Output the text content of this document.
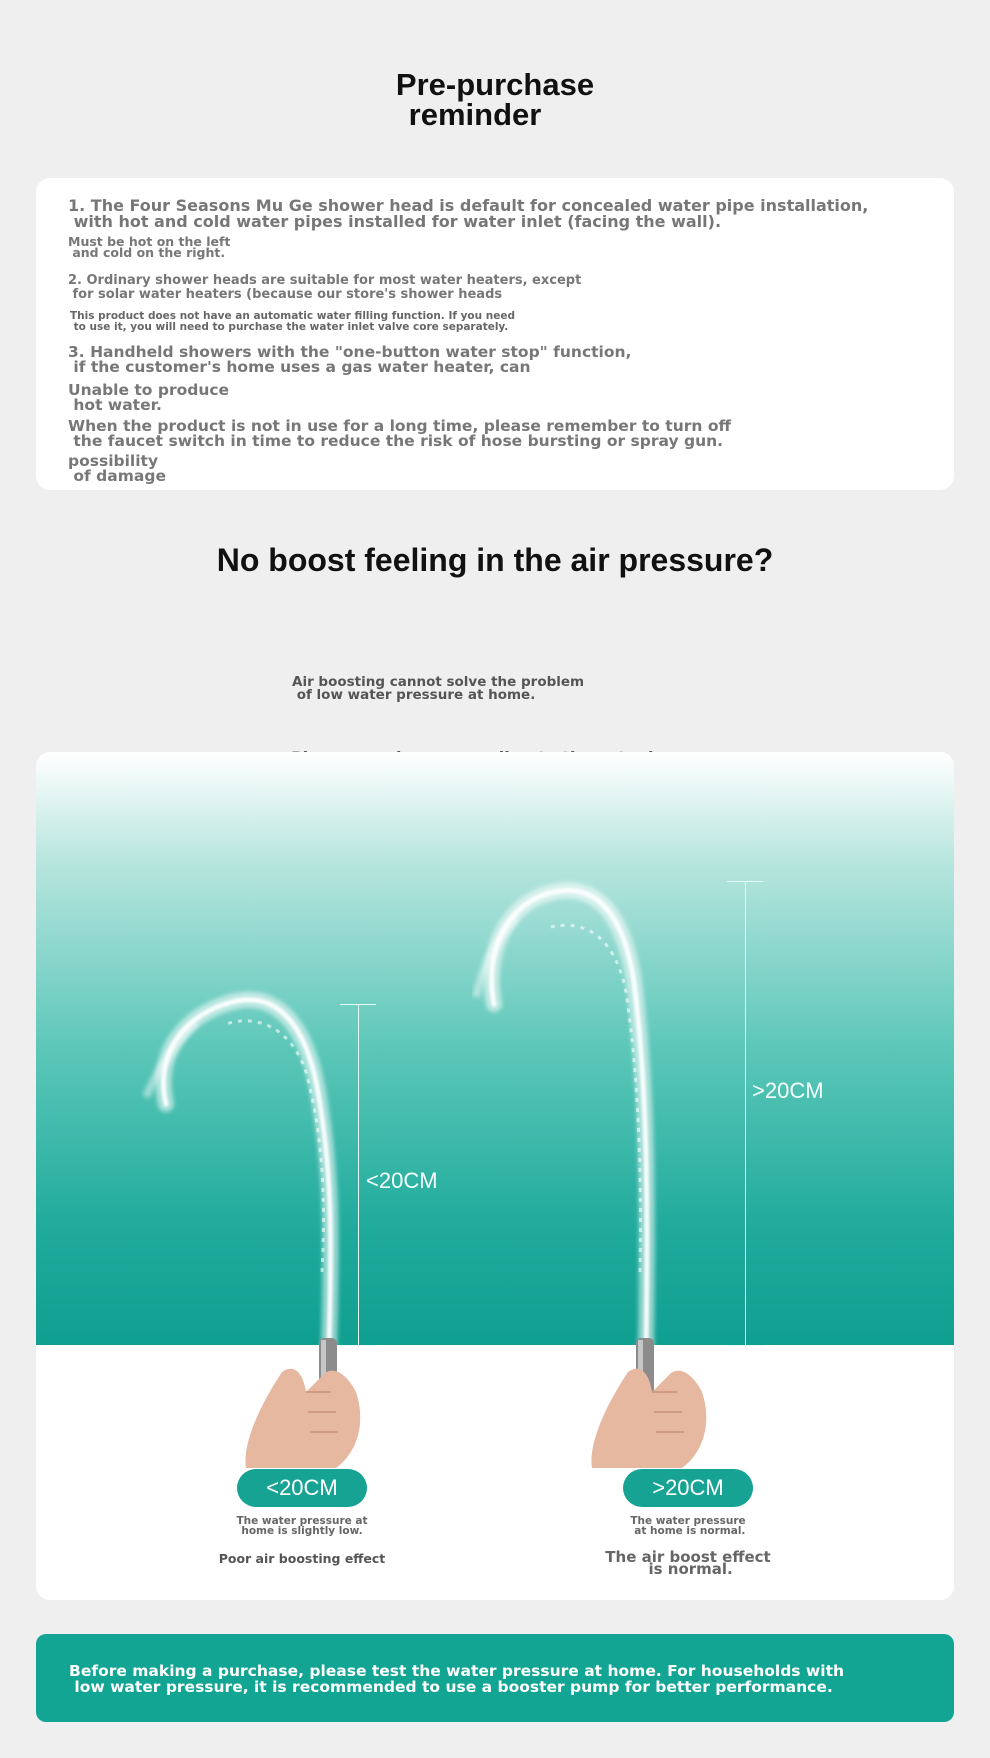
Pre-purchase
reminder
1. The Four Seasons Mu Ge shower head is default for concealed water pipe installation,
with hot and cold water pipes installed for water inlet (facing the wall).
Must be hot on the left
and cold on the right.
2. Ordinary shower heads are suitable for most water heaters, except
for solar water heaters (because our store's shower heads
This product does not have an automatic water filling function. If you need
to use it, you will need to purchase the water inlet valve core separately.
3. Handheld showers with the "one-button water stop" function,
if the customer's home uses a gas water heater, can
Unable to produce
hot water.
When the product is not in use for a long time, please remember to turn off
the faucet switch in time to reduce the risk of hose bursting or spray gun.
possibility
of damage
No boost feeling in the air pressure?

Air boosting cannot solve the problem
of low water pressure at home.

<20CM
>20CM
<20CM	>20CM
The water pressure at
home is slightly low.
Poor air boosting effect
The water pressure
at home is normal.
The air boost effect
is normal.
Before making a purchase, please test the water pressure at home. For households with
low water pressure, it is recommended to use a booster pump for better performance.
